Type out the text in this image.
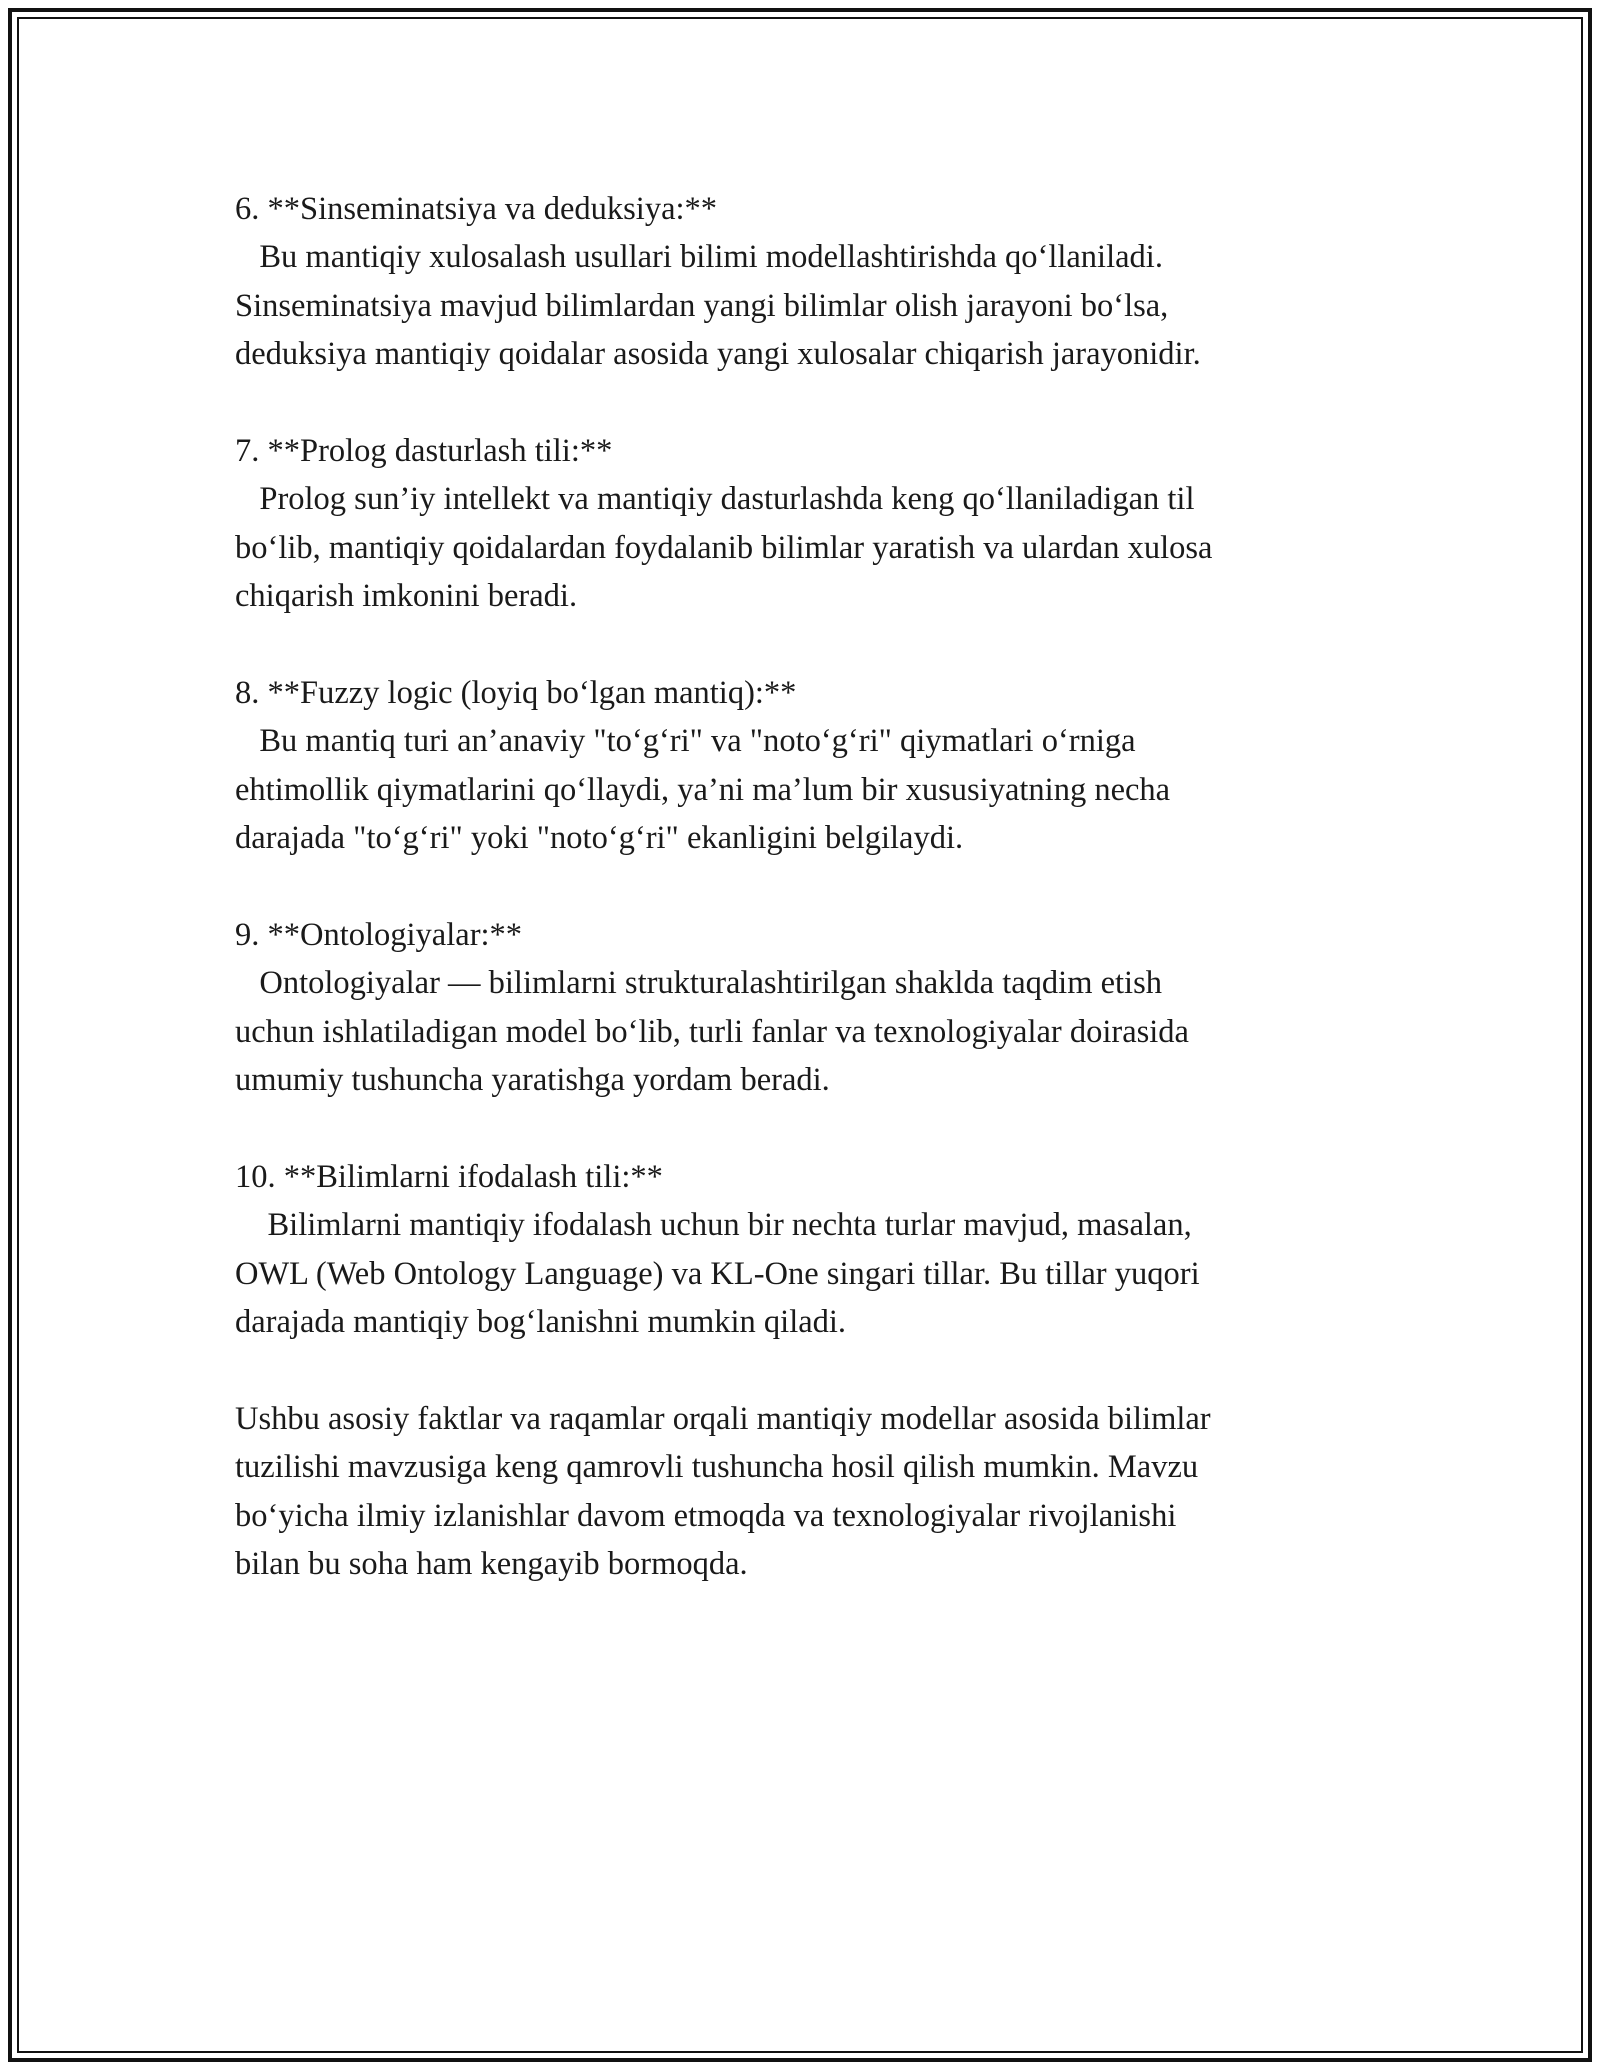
6. **Sinseminatsiya va deduksiya:**
Bu mantiqiy xulosalash usullari bilimi modellashtirishda qo‘llaniladi.
Sinseminatsiya mavjud bilimlardan yangi bilimlar olish jarayoni bo‘lsa,
deduksiya mantiqiy qoidalar asosida yangi xulosalar chiqarish jarayonidir.
7. **Prolog dasturlash tili:**
Prolog sun’iy intellekt va mantiqiy dasturlashda keng qo‘llaniladigan til
bo‘lib, mantiqiy qoidalardan foydalanib bilimlar yaratish va ulardan xulosa
chiqarish imkonini beradi.
8. **Fuzzy logic (loyiq bo‘lgan mantiq):**
Bu mantiq turi an’anaviy "to‘g‘ri" va "noto‘g‘ri" qiymatlari o‘rniga
ehtimollik qiymatlarini qo‘llaydi, ya’ni ma’lum bir xususiyatning necha
darajada "to‘g‘ri" yoki "noto‘g‘ri" ekanligini belgilaydi.
9. **Ontologiyalar:**
Ontologiyalar — bilimlarni strukturalashtirilgan shaklda taqdim etish
uchun ishlatiladigan model bo‘lib, turli fanlar va texnologiyalar doirasida
umumiy tushuncha yaratishga yordam beradi.
10. **Bilimlarni ifodalash tili:**
Bilimlarni mantiqiy ifodalash uchun bir nechta turlar mavjud, masalan,
OWL (Web Ontology Language) va KL-One singari tillar. Bu tillar yuqori
darajada mantiqiy bog‘lanishni mumkin qiladi.
Ushbu asosiy faktlar va raqamlar orqali mantiqiy modellar asosida bilimlar
tuzilishi mavzusiga keng qamrovli tushuncha hosil qilish mumkin. Mavzu
bo‘yicha ilmiy izlanishlar davom etmoqda va texnologiyalar rivojlanishi
bilan bu soha ham kengayib bormoqda.
